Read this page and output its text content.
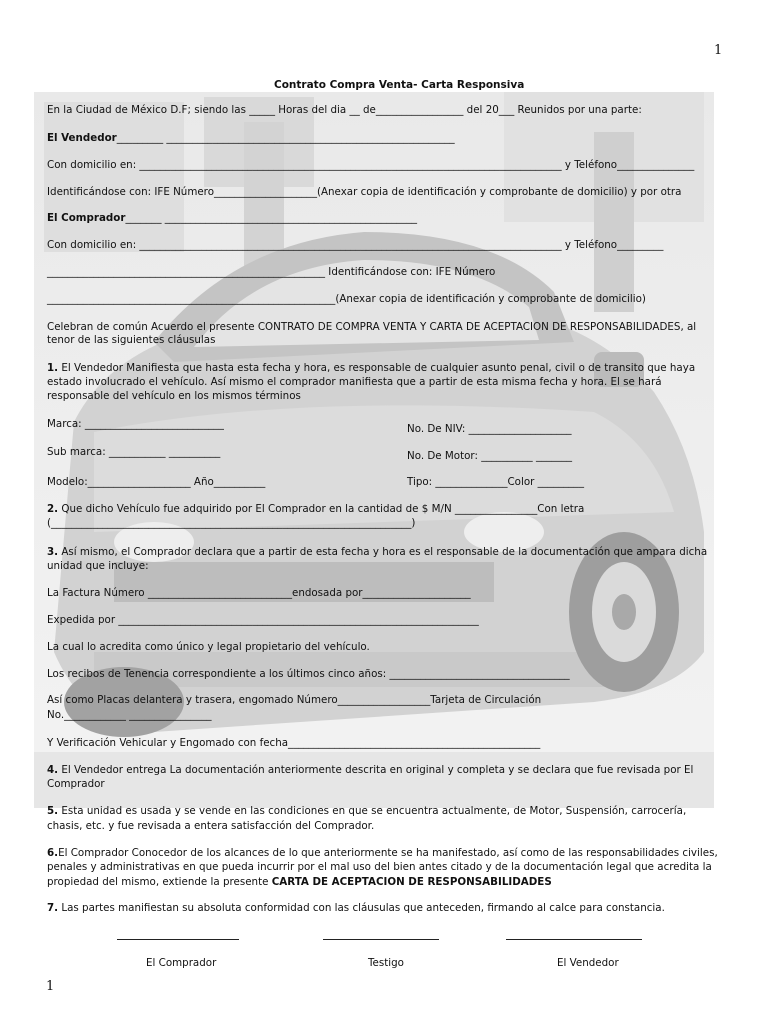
1
Contrato Compra Venta- Carta Responsiva
En la Ciudad de México D.F; siendo las _____ Horas del dia __ de_________________ del 20___ Reunidos por una parte:
El Vendedor_________ ________________________________________________________
Con domicilio en: __________________________________________________________________________________ y Teléfono_______________
Identificándose con: IFE Número____________________(Anexar copia de identificación y comprobante de domicilio) y por otra
El Comprador_______ _________________________________________________
Con domicilio en: __________________________________________________________________________________ y Teléfono_________
______________________________________________________ Identificándose con: IFE Número
________________________________________________________(Anexar copia de identificación y comprobante de domicilio)
Celebran de común Acuerdo el presente CONTRATO DE COMPRA VENTA Y CARTA DE ACEPTACION DE RESPONSABILIDADES, al
tenor de las siguientes cláusulas
1. El Vendedor Manifiesta que hasta esta fecha y hora, es responsable de cualquier asunto penal, civil o de transito que haya
estado involucrado el vehículo. Así mismo el comprador manifiesta que a partir de esta misma fecha y hora. El se hará
responsable del vehículo en los mismos términos
Marca: ___________________________	No. De NIV: ____________________
Sub marca: ___________ __________	No. De Motor: __________ _______
Modelo:____________________ Año__________	Tipo: ______________Color _________
2. Que dicho Vehículo fue adquirido por El Comprador en la cantidad de $ M/N ________________Con letra
(______________________________________________________________________)
3. Así mismo, el Comprador declara que a partir de esta fecha y hora es el responsable de la documentación que ampara dicha
unidad que incluye:
La Factura Número ____________________________endosada por_____________________
Expedida por ______________________________________________________________________
La cual lo acredita como único y legal propietario del vehículo.
Los recibos de Tenencia correspondiente a los últimos cinco años: ___________________________________
Así como Placas delantera y trasera, engomado Número__________________Tarjeta de Circulación
No.____________ ________________
Y Verificación Vehicular y Engomado con fecha_________________________________________________
4. El Vendedor entrega La documentación anteriormente descrita en original y completa y se declara que fue revisada por El
Comprador
5. Esta unidad es usada y se vende en las condiciones en que se encuentra actualmente, de Motor, Suspensión, carrocería,
chasis, etc. y fue revisada a entera satisfacción del Comprador.
6.El Comprador Conocedor de los alcances de lo que anteriormente se ha manifestado, así como de las responsabilidades civiles,
penales y administrativas en que pueda incurrir por el mal uso del bien antes citado y de la documentación legal que acredita la
propiedad del mismo, extiende la presente CARTA DE ACEPTACION DE RESPONSABILIDADES
7. Las partes manifiestan su absoluta conformidad con las cláusulas que anteceden, firmando al calce para constancia.
El Comprador	Testigo	El Vendedor
1
